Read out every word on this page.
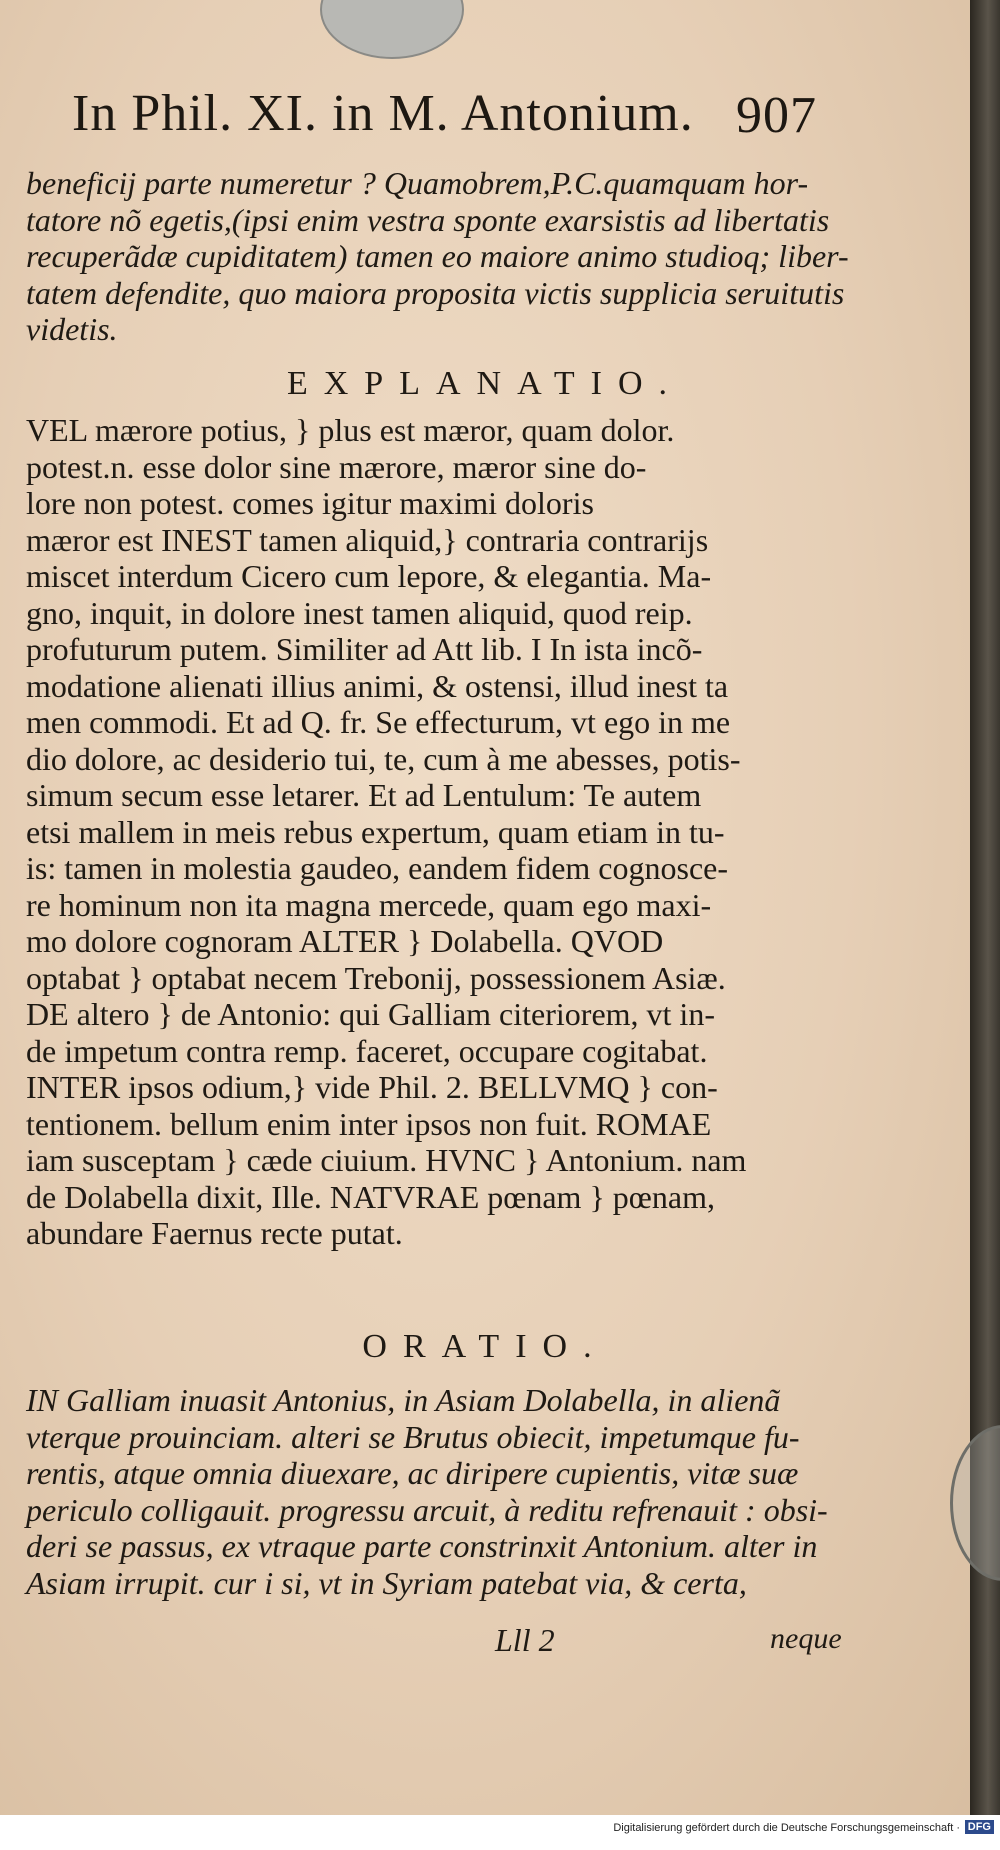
In Phil. XI. in M. Antonium. 907
beneficij parte numeretur ? Quamobrem,P.C.quamquam hor-
tatore nõ egetis,(ipsi enim vestra sponte exarsistis ad libertatis
recuperãdæ cupiditatem) tamen eo maiore animo studioq; liber-
tatem defendite, quo maiora proposita victis supplicia seruitutis
videtis.
EXPLANATIO.
VEL mærore potius, } plus est mæror, quam dolor.
potest.n. esse dolor sine mærore, mæror sine do-
lore non potest. comes igitur maximi doloris
mæror est INEST tamen aliquid,} contraria contrarijs
miscet interdum Cicero cum lepore, & elegantia. Ma-
gno, inquit, in dolore inest tamen aliquid, quod reip.
profuturum putem. Similiter ad Att lib. I In ista incõ-
modatione alienati illius animi, & ostensi, illud inest ta
men commodi. Et ad Q. fr. Se effecturum, vt ego in me
dio dolore, ac desiderio tui, te, cum à me abesses, potis-
simum secum esse letarer. Et ad Lentulum: Te autem
etsi mallem in meis rebus expertum, quam etiam in tu-
is: tamen in molestia gaudeo, eandem fidem cognosce-
re hominum non ita magna mercede, quam ego maxi-
mo dolore cognoram ALTER } Dolabella. QVOD
optabat } optabat necem Trebonij, possessionem Asiæ.
DE altero } de Antonio: qui Galliam citeriorem, vt in-
de impetum contra remp. faceret, occupare cogitabat.
INTER ipsos odium,} vide Phil. 2. BELLVMQ } con-
tentionem. bellum enim inter ipsos non fuit. ROMAE
iam susceptam } cæde ciuium. HVNC } Antonium. nam
de Dolabella dixit, Ille. NATVRAE pœnam } pœnam,
abundare Faernus recte putat.
ORATIO.
IN Galliam inuasit Antonius, in Asiam Dolabella, in alienã
vterque prouinciam. alteri se Brutus obiecit, impetumque fu-
rentis, atque omnia diuexare, ac diripere cupientis, vitæ suæ
periculo colligauit. progressu arcuit, à reditu refrenauit : obsi-
deri se passus, ex vtraque parte constrinxit Antonium. alter in
Asiam irrupit. cur i si, vt in Syriam patebat via, & certa,
Lll 2	neque
Digitalisierung gefördert durch die Deutsche Forschungsgemeinschaft · DFG
